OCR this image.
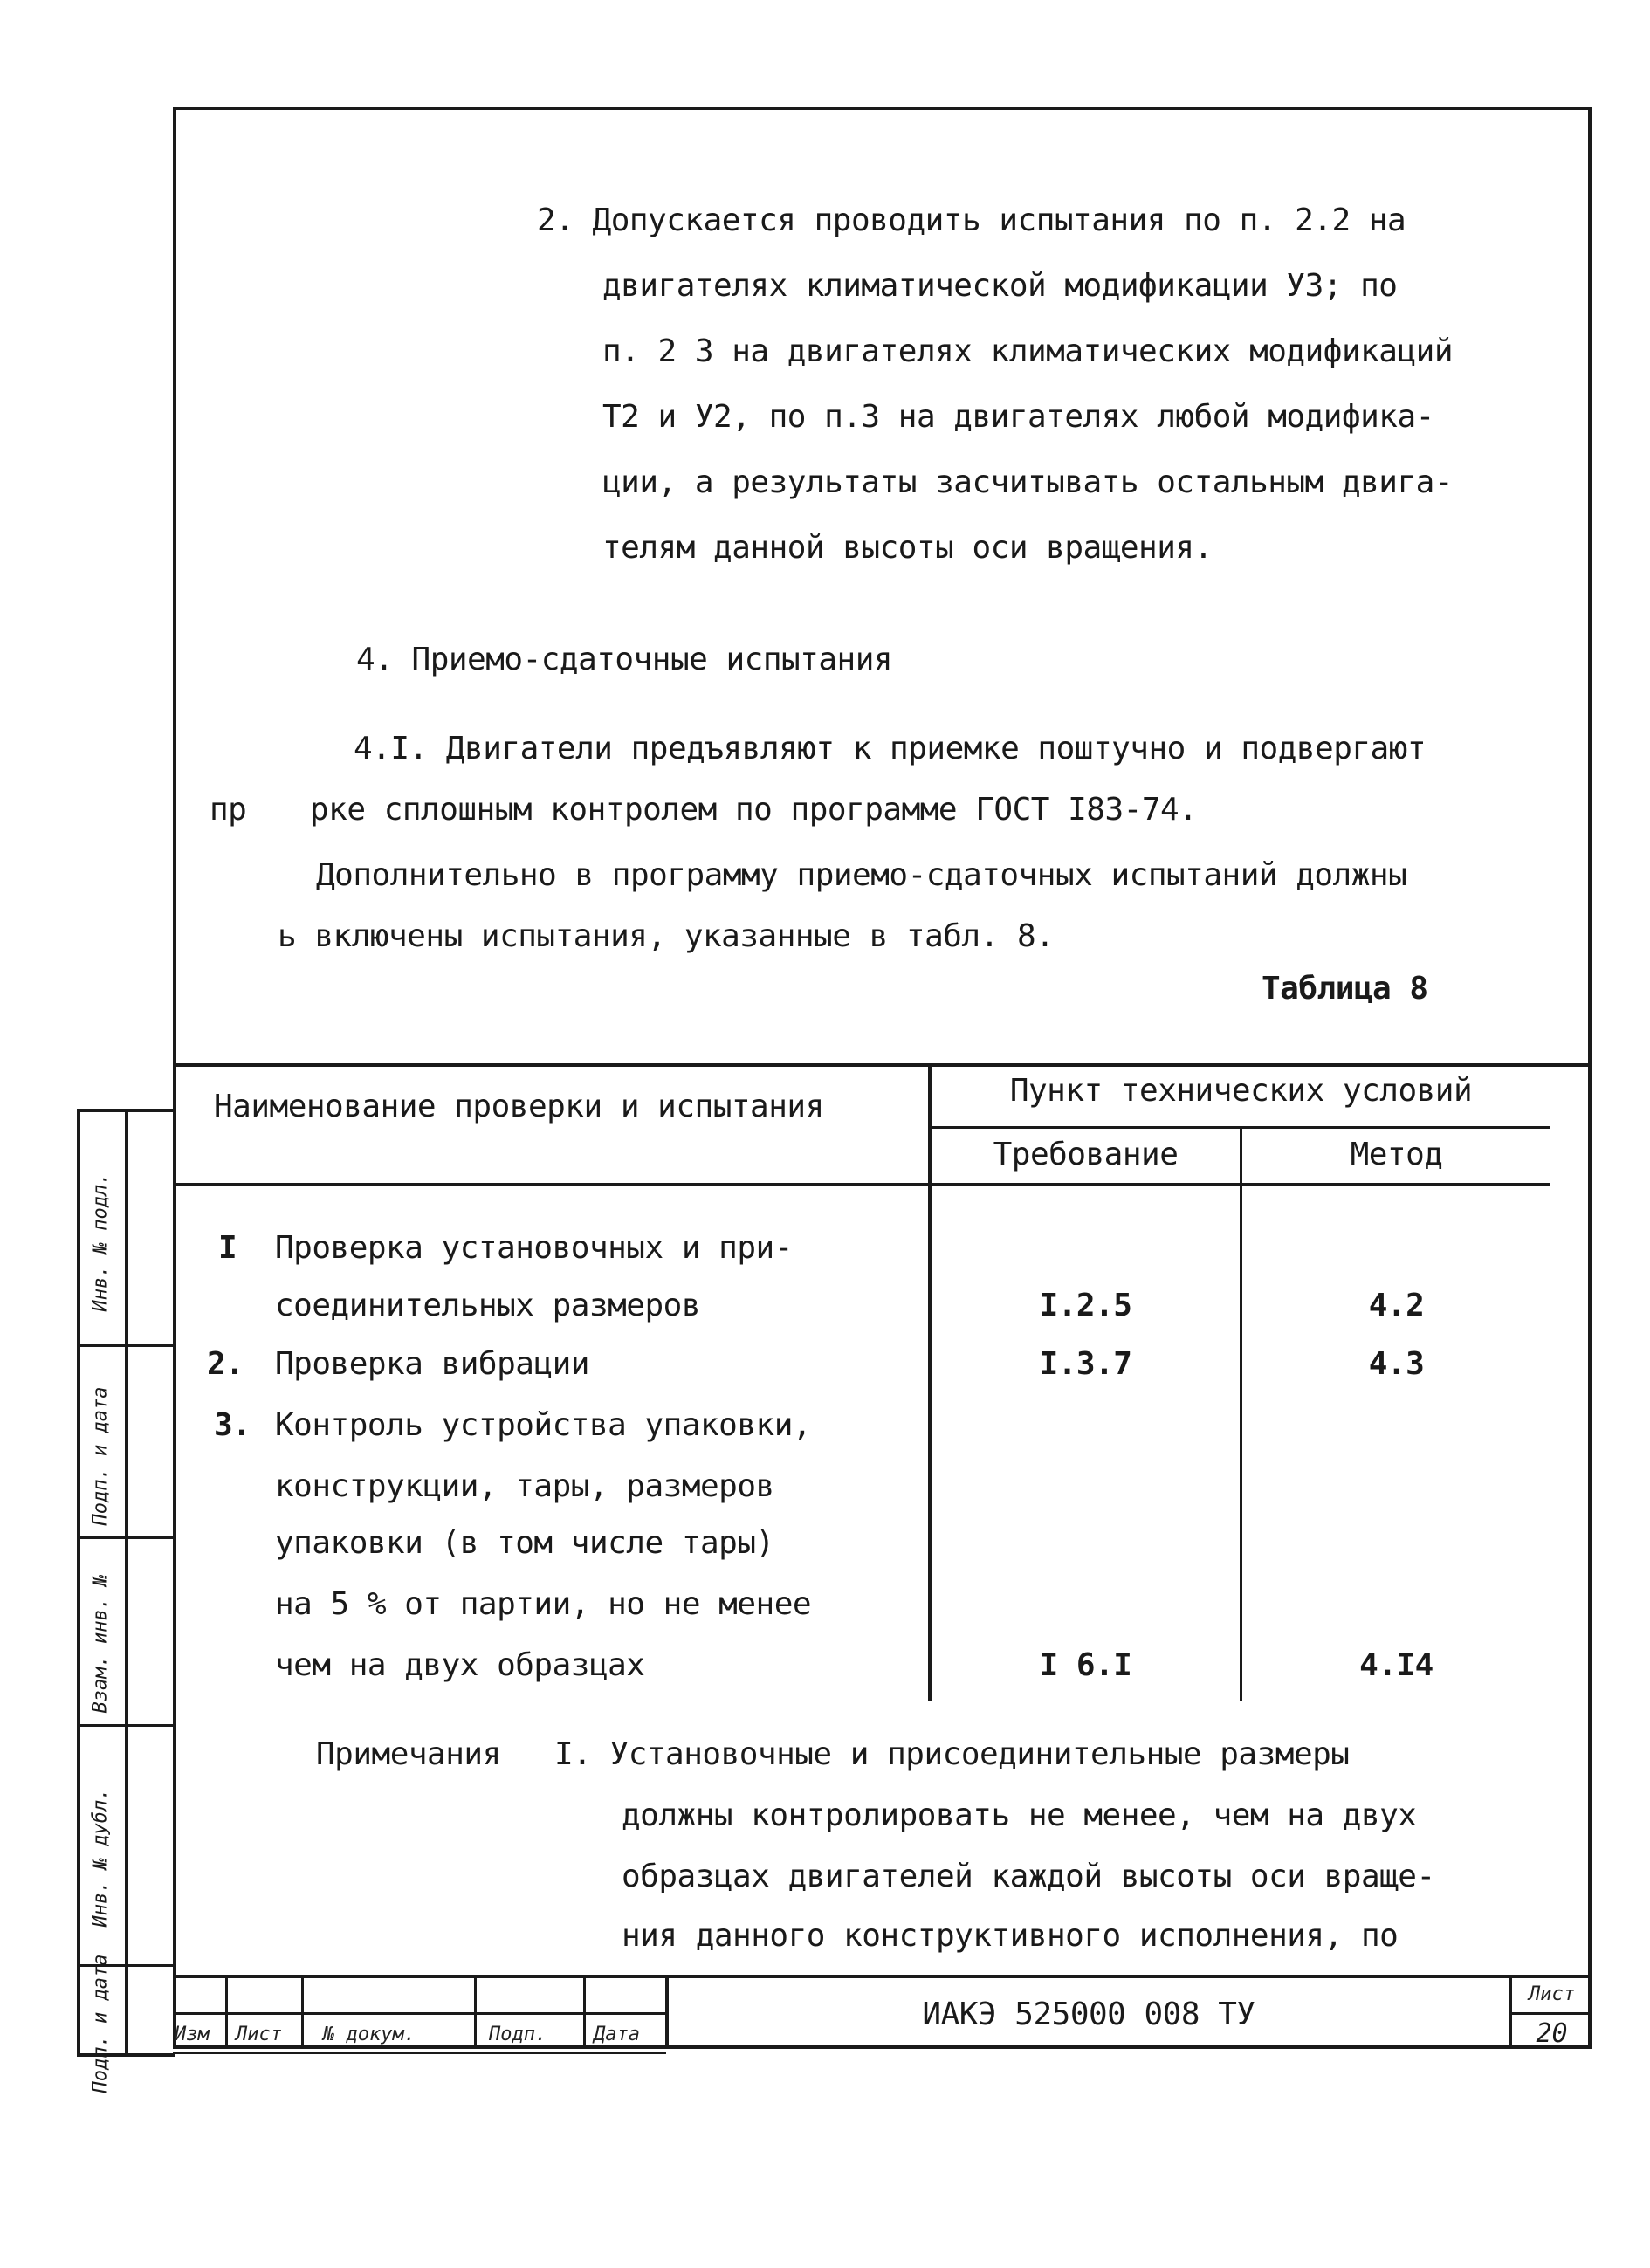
Инв. № подл.
Подп. и дата
Взам. инв. №
Инв. № дубл.
Подп. и дата
2. Допускается проводить испытания по п. 2.2 на
двигателях климатической модификации У3; по
п. 2 3 на двигателях климатических модификаций
Т2 и У2, по п.3 на двигателях любой модифика-
ции, а результаты засчитывать остальным двига-
телям данной высоты оси вращения.
4. Приемо-сдаточные испытания
4.I. Двигатели предъявляют к приемке поштучно и подвергают
пр рке сплошным контролем по программе ГОСТ I83-74.
Дополнительно в программу приемо-сдаточных испытаний должны
ь включены испытания, указанные в табл. 8.
Таблица 8
Наименование проверки и испытания	Пункт технических условий
Требование	Метод
I Проверка установочных и при-
соединительных размеров	I.2.5	4.2
2. Проверка вибрации	I.3.7	4.3
3. Контроль устройства упаковки,
конструкции, тары, размеров
упаковки (в том числе тары)
на 5 % от партии, но не менее
чем на двух образцах	I 6.I	4.I4
Примечания I. Установочные и присоединительные размеры
должны контролировать не менее, чем на двух
образцах двигателей каждой высоты оси враще-
ния данного конструктивного исполнения, по
Изм Лист № докум.	Подп. Дата
ИАКЭ 525000 008 ТУ
Лист
20
